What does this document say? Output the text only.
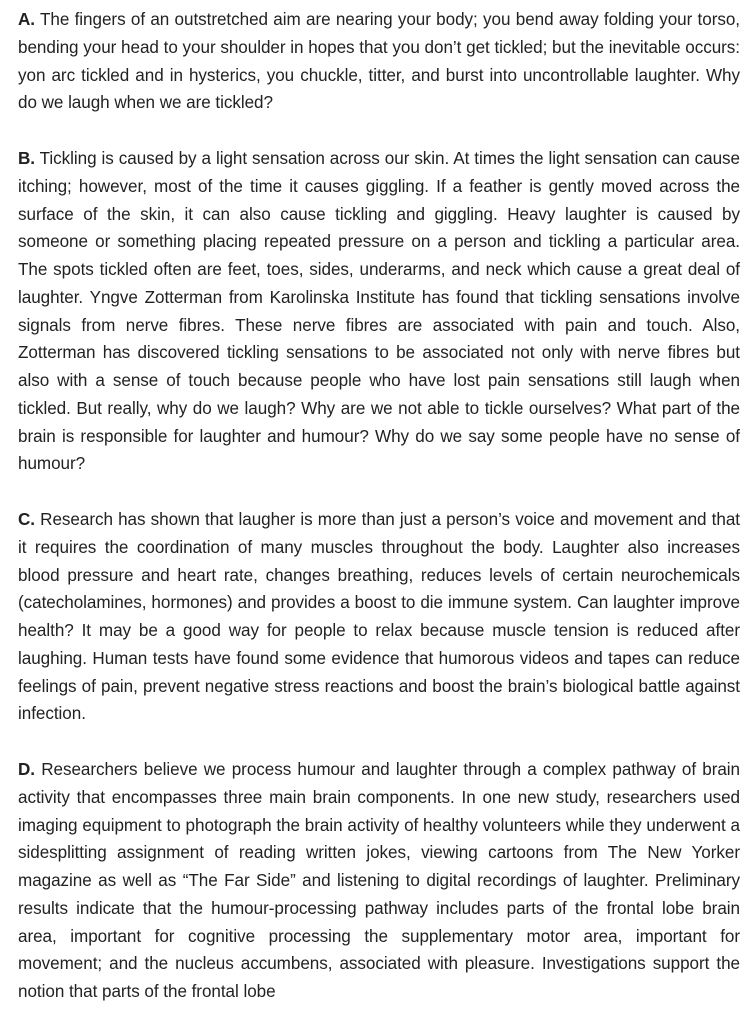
A. The fingers of an outstretched aim are nearing your body; you bend away folding your torso, bending your head to your shoulder in hopes that you don’t get tickled; but the inevitable occurs: yon arc tickled and in hysterics, you chuckle, titter, and burst into uncontrollable laughter. Why do we laugh when we are tickled?

B. Tickling is caused by a light sensation across our skin. At times the light sensation can cause itching; however, most of the time it causes giggling. If a feather is gently moved across the surface of the skin, it can also cause tickling and giggling. Heavy laughter is caused by someone or something placing repeated pressure on a person and tickling a particular area. The spots tickled often are feet, toes, sides, underarms, and neck which cause a great deal of laughter. Yngve Zotterman from Karolinska Institute has found that tickling sensations involve signals from nerve fibres. These nerve fibres are associated with pain and touch. Also, Zotterman has discovered tickling sensations to be associated not only with nerve fibres but also with a sense of touch because people who have lost pain sensations still laugh when tickled. But really, why do we laugh? Why are we not able to tickle ourselves? What part of the brain is responsible for laughter and humour? Why do we say some people have no sense of humour?

C. Research has shown that laugher is more than just a person’s voice and movement and that it requires the coordination of many muscles throughout the body. Laughter also increases blood pressure and heart rate, changes breathing, reduces levels of certain neurochemicals (catecholamines, hormones) and provides a boost to die immune system. Can laughter improve health? It may be a good way for people to relax because muscle tension is reduced after laughing. Human tests have found some evidence that humorous videos and tapes can reduce feelings of pain, prevent negative stress reactions and boost the brain’s biological battle against infection.

D. Researchers believe we process humour and laughter through a complex pathway of brain activity that encompasses three main brain components. In one new study, researchers used imaging equipment to photograph the brain activity of healthy volunteers while they underwent a sidesplitting assignment of reading written jokes, viewing cartoons from The New Yorker magazine as well as “The Far Side” and listening to digital recordings of laughter. Preliminary results indicate that the humour-processing pathway includes parts of the frontal lobe brain area, important for cognitive processing the supplementary motor area, important for movement; and the nucleus accumbens, associated with pleasure. Investigations support the notion that parts of the frontal lobe
